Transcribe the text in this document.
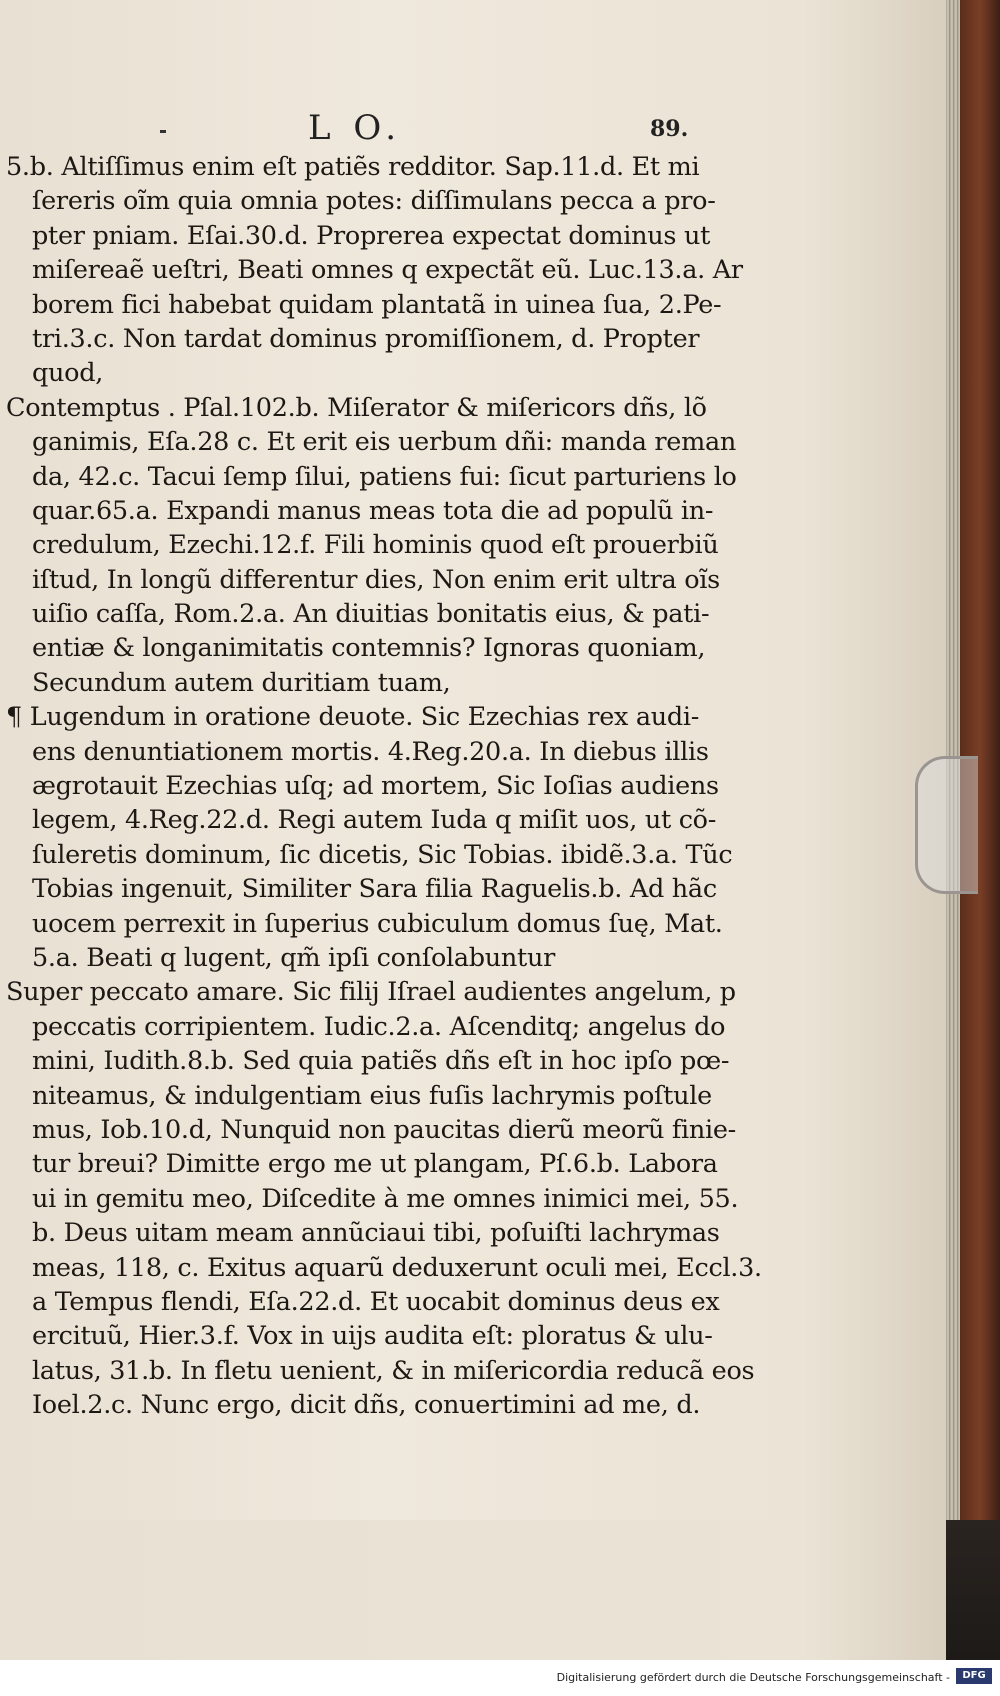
L O.	89.
5.b. Altiſſimus enim eſt patiẽs redditor. Sap.11.d. Et mi
ſereris oĩm quia omnia potes: diſſimulans pecca a pro-
pter pniam. Eſai.30.d. Proprerea expectat dominus ut
miſereaẽ ueſtri, Beati omnes q expectãt eũ. Luc.13.a. Ar
borem fici habebat quidam plantatã in uinea ſua, 2.Pe-
tri.3.c. Non tardat dominus promiſſionem, d. Propter
quod,
Contemptus . Pſal.102.b. Miſerator & miſericors dñs, lõ
ganimis, Eſa.28 c. Et erit eis uerbum dñi: manda reman
da, 42.c. Tacui ſemp ſilui, patiens fui: ſicut parturiens lo
quar.65.a. Expandi manus meas tota die ad populũ in-
credulum, Ezechi.12.f. Fili hominis quod eſt prouerbiũ
iſtud, In longũ differentur dies, Non enim erit ultra oĩs
uiſio caſſa, Rom.2.a. An diuitias bonitatis eius, & pati-
entiæ & longanimitatis contemnis? Ignoras quoniam,
Secundum autem duritiam tuam,
¶ Lugendum in oratione deuote. Sic Ezechias rex audi-
ens denuntiationem mortis. 4.Reg.20.a. In diebus illis
ægrotauit Ezechias uſq; ad mortem, Sic Ioſias audiens
legem, 4.Reg.22.d. Regi autem Iuda q miſit uos, ut cõ-
ſuleretis dominum, ſic dicetis, Sic Tobias. ibidẽ.3.a. Tũc
Tobias ingenuit, Similiter Sara filia Raguelis.b. Ad hãc
uocem perrexit in ſuperius cubiculum domus ſuę, Mat.
5.a. Beati q lugent, qm̃ ipſi conſolabuntur
Super peccato amare. Sic filij Iſrael audientes angelum, p
peccatis corripientem. Iudic.2.a. Aſcenditq; angelus do
mini, Iudith.8.b. Sed quia patiẽs dñs eſt in hoc ipſo pœ-
niteamus, & indulgentiam eius fuſis lachrymis poſtule
mus, Iob.10.d, Nunquid non paucitas dierũ meorũ finie-
tur breui? Dimitte ergo me ut plangam, Pſ.6.b. Labora
ui in gemitu meo, Diſcedite à me omnes inimici mei, 55.
b. Deus uitam meam annũciaui tibi, poſuiſti lachrymas
meas, 118, c. Exitus aquarũ deduxerunt oculi mei, Eccl.3.
a Tempus flendi, Eſa.22.d. Et uocabit dominus deus ex
ercituũ, Hier.3.f. Vox in uijs audita eſt: ploratus & ulu-
latus, 31.b. In fletu uenient, & in miſericordia reducã eos
Ioel.2.c. Nunc ergo, dicit dñs, conuertimini ad me, d.
Digitalisierung gefördert durch die Deutsche Forschungsgemeinschaft -	DFG
